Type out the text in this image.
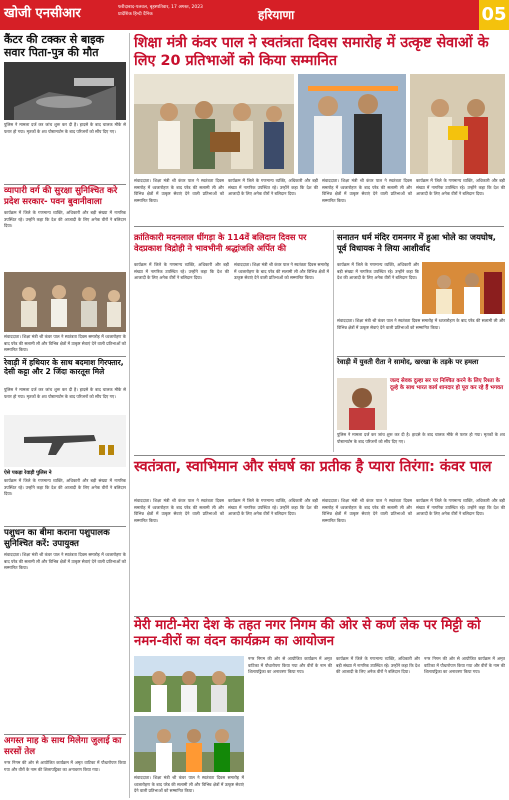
खोजी एनसीआर	फरीदाबाद-पलवल, बृहस्पतिवार, 17 अगस्त, 2023
प्रादेशिक हिन्दी दैनिक	हरियाणा	05
कैंटर की टक्कर से बाइक सवार पिता-पुत्र की मौत
पुलिस ने मामला दर्ज कर जांच शुरू कर दी है। हादसे के बाद चालक मौके से फरार हो गया। मृतकों के शव पोस्टमार्टम के बाद परिजनों को सौंप दिए गए।
व्यापारी वर्ग की सुरक्षा सुनिश्चित करे प्रदेश सरकार- पवन बुवानीवाला
कार्यक्रम में जिले के गणमान्य व्यक्ति, अधिकारी और बड़ी संख्या में नागरिक उपस्थित रहे। उन्होंने कहा कि देश की आजादी के लिए अनेक वीरों ने बलिदान दिया।
संवाददाता। शिक्षा मंत्री श्री कंवर पाल ने स्वतंत्रता दिवस समारोह में ध्वजारोहण के बाद परेड की सलामी ली और विभिन्न क्षेत्रों में उत्कृष्ट सेवाएं देने वाली प्रतिभाओं को सम्मानित किया।
रेवाड़ी में हथियार के साथ बदमाश गिरफ्तार, देसी कट्टा और 2 जिंदा कारतूस मिले
पुलिस ने मामला दर्ज कर जांच शुरू कर दी है। हादसे के बाद चालक मौके से फरार हो गया। मृतकों के शव पोस्टमार्टम के बाद परिजनों को सौंप दिए गए।
ऐसे पकड़ा रेवाड़ी पुलिस ने
कार्यक्रम में जिले के गणमान्य व्यक्ति, अधिकारी और बड़ी संख्या में नागरिक उपस्थित रहे। उन्होंने कहा कि देश की आजादी के लिए अनेक वीरों ने बलिदान दिया।
पशुधन का बीमा कराना पशुपालक सुनिश्चित करें: उपायुक्त
संवाददाता। शिक्षा मंत्री श्री कंवर पाल ने स्वतंत्रता दिवस समारोह में ध्वजारोहण के बाद परेड की सलामी ली और विभिन्न क्षेत्रों में उत्कृष्ट सेवाएं देने वाली प्रतिभाओं को सम्मानित किया।
अगस्त माह के साथ मिलेगा जुलाई का सरसों तेल
नगर निगम की ओर से आयोजित कार्यक्रम में अमृत वाटिका में पौधारोपण किया गया और वीरों के नाम की शिलापट्टिका का अनावरण किया गया।
शिक्षा मंत्री कंवर पाल ने स्वतंत्रता दिवस समारोह में उत्कृष्ट सेवाओं के लिए 20 प्रतिभाओं को किया सम्मानित
संवाददाता। शिक्षा मंत्री श्री कंवर पाल ने स्वतंत्रता दिवस समारोह में ध्वजारोहण के बाद परेड की सलामी ली और विभिन्न क्षेत्रों में उत्कृष्ट सेवाएं देने वाली प्रतिभाओं को सम्मानित किया।
कार्यक्रम में जिले के गणमान्य व्यक्ति, अधिकारी और बड़ी संख्या में नागरिक उपस्थित रहे। उन्होंने कहा कि देश की आजादी के लिए अनेक वीरों ने बलिदान दिया।
संवाददाता। शिक्षा मंत्री श्री कंवर पाल ने स्वतंत्रता दिवस समारोह में ध्वजारोहण के बाद परेड की सलामी ली और विभिन्न क्षेत्रों में उत्कृष्ट सेवाएं देने वाली प्रतिभाओं को सम्मानित किया।
कार्यक्रम में जिले के गणमान्य व्यक्ति, अधिकारी और बड़ी संख्या में नागरिक उपस्थित रहे। उन्होंने कहा कि देश की आजादी के लिए अनेक वीरों ने बलिदान दिया।
क्रांतिकारी मदनलाल धींगड़ा के 114वें बलिदान दिवस पर वेदप्रकाश विद्रोही ने भावभीनी श्रद्धांजलि अर्पित की
कार्यक्रम में जिले के गणमान्य व्यक्ति, अधिकारी और बड़ी संख्या में नागरिक उपस्थित रहे। उन्होंने कहा कि देश की आजादी के लिए अनेक वीरों ने बलिदान दिया।
संवाददाता। शिक्षा मंत्री श्री कंवर पाल ने स्वतंत्रता दिवस समारोह में ध्वजारोहण के बाद परेड की सलामी ली और विभिन्न क्षेत्रों में उत्कृष्ट सेवाएं देने वाली प्रतिभाओं को सम्मानित किया।
सनातन धर्म मंदिर रामनगर में हुआ भोले का जयघोष, पूर्व विधायक ने लिया आशीर्वाद
कार्यक्रम में जिले के गणमान्य व्यक्ति, अधिकारी और बड़ी संख्या में नागरिक उपस्थित रहे। उन्होंने कहा कि देश की आजादी के लिए अनेक वीरों ने बलिदान दिया।
संवाददाता। शिक्षा मंत्री श्री कंवर पाल ने स्वतंत्रता दिवस समारोह में ध्वजारोहण के बाद परेड की सलामी ली और विभिन्न क्षेत्रों में उत्कृष्ट सेवाएं देने वाली प्रतिभाओं को सम्मानित किया।
रेवाड़ी में युवती रीता ने सामोद, खरखा के तड़के पर हमला
जल्द सेवक दुल्हा सर पर निश्चित करने के लिए रिश्ता के दूल्हे के साथ भारत कार्य शानदार हो पूरा कर रहे हैं भगवत
पुलिस ने मामला दर्ज कर जांच शुरू कर दी है। हादसे के बाद चालक मौके से फरार हो गया। मृतकों के शव पोस्टमार्टम के बाद परिजनों को सौंप दिए गए।
स्वतंत्रता, स्वाभिमान और संघर्ष का प्रतीक है प्यारा तिरंगा: कंवर पाल
संवाददाता। शिक्षा मंत्री श्री कंवर पाल ने स्वतंत्रता दिवस समारोह में ध्वजारोहण के बाद परेड की सलामी ली और विभिन्न क्षेत्रों में उत्कृष्ट सेवाएं देने वाली प्रतिभाओं को सम्मानित किया।
कार्यक्रम में जिले के गणमान्य व्यक्ति, अधिकारी और बड़ी संख्या में नागरिक उपस्थित रहे। उन्होंने कहा कि देश की आजादी के लिए अनेक वीरों ने बलिदान दिया।
संवाददाता। शिक्षा मंत्री श्री कंवर पाल ने स्वतंत्रता दिवस समारोह में ध्वजारोहण के बाद परेड की सलामी ली और विभिन्न क्षेत्रों में उत्कृष्ट सेवाएं देने वाली प्रतिभाओं को सम्मानित किया।
कार्यक्रम में जिले के गणमान्य व्यक्ति, अधिकारी और बड़ी संख्या में नागरिक उपस्थित रहे। उन्होंने कहा कि देश की आजादी के लिए अनेक वीरों ने बलिदान दिया।
मेरी माटी-मेरा देश के तहत नगर निगम की ओर से कर्ण लेक पर मिट्टी को नमन-वीरों का वंदन कार्यक्रम का आयोजन
नगर निगम की ओर से आयोजित कार्यक्रम में अमृत वाटिका में पौधारोपण किया गया और वीरों के नाम की शिलापट्टिका का अनावरण किया गया।
कार्यक्रम में जिले के गणमान्य व्यक्ति, अधिकारी और बड़ी संख्या में नागरिक उपस्थित रहे। उन्होंने कहा कि देश की आजादी के लिए अनेक वीरों ने बलिदान दिया।
नगर निगम की ओर से आयोजित कार्यक्रम में अमृत वाटिका में पौधारोपण किया गया और वीरों के नाम की शिलापट्टिका का अनावरण किया गया।
संवाददाता। शिक्षा मंत्री श्री कंवर पाल ने स्वतंत्रता दिवस समारोह में ध्वजारोहण के बाद परेड की सलामी ली और विभिन्न क्षेत्रों में उत्कृष्ट सेवाएं देने वाली प्रतिभाओं को सम्मानित किया।
